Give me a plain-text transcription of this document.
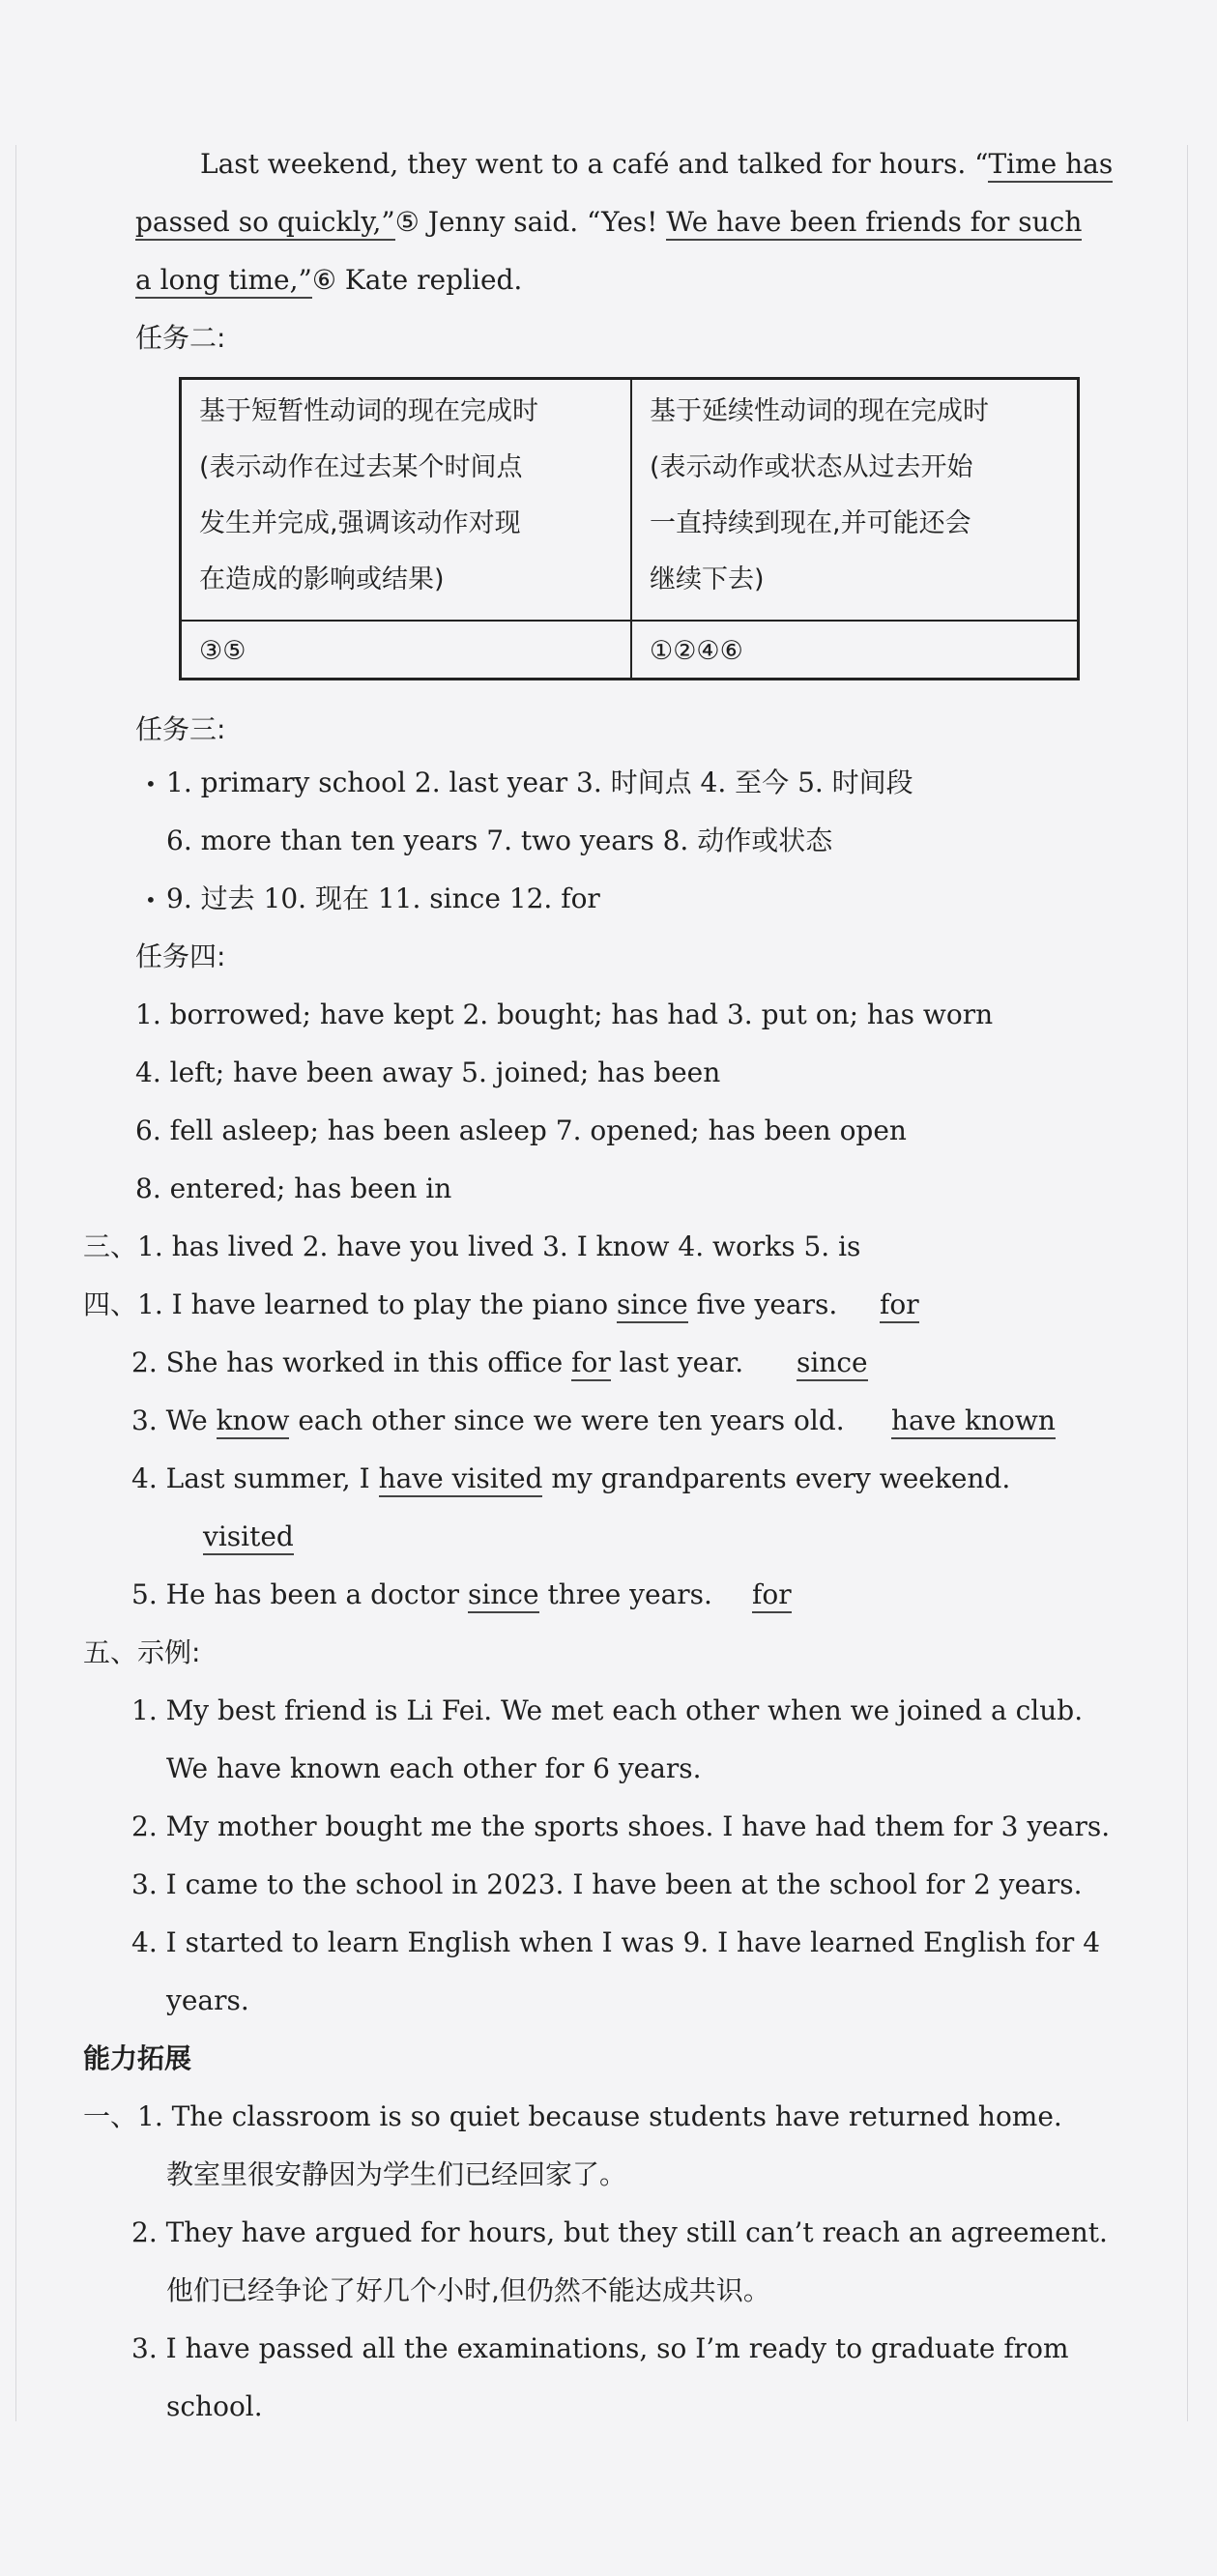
Last weekend, they went to a café and talked for hours. “Time has
passed so quickly,”⑤ Jenny said. “Yes! We have been friends for such
a long time,”⑥ Kate replied.
任务二:
基于短暂性动词的现在完成时
(表示动作在过去某个时间点
发生并完成,强调该动作对现
在造成的影响或结果)
基于延续性动词的现在完成时
(表示动作或状态从过去开始
一直持续到现在,并可能还会
继续下去)
③⑤	①②④⑥
任务三:
• 1. primary school 2. last year 3. 时间点 4. 至今 5. 时间段
6. more than ten years 7. two years 8. 动作或状态
• 9. 过去 10. 现在 11. since 12. for
任务四:
1. borrowed; have kept 2. bought; has had 3. put on; has worn
4. left; have been away 5. joined; has been
6. fell asleep; has been asleep 7. opened; has been open
8. entered; has been in
三、1. has lived 2. have you lived 3. I know 4. works 5. is
四、1. I have learned to play the piano since five years. for
2. She has worked in this office for last year. since
3. We know each other since we were ten years old. have known
4. Last summer, I have visited my grandparents every weekend.
visited
5. He has been a doctor since three years. for
五、示例:
1. My best friend is Li Fei. We met each other when we joined a club.
We have known each other for 6 years.
2. My mother bought me the sports shoes. I have had them for 3 years.
3. I came to the school in 2023. I have been at the school for 2 years.
4. I started to learn English when I was 9. I have learned English for 4
years.
能力拓展
一、1. The classroom is so quiet because students have returned home.
教室里很安静因为学生们已经回家了。
2. They have argued for hours, but they still can’t reach an agreement.
他们已经争论了好几个小时,但仍然不能达成共识。
3. I have passed all the examinations, so I’m ready to graduate from
school.
